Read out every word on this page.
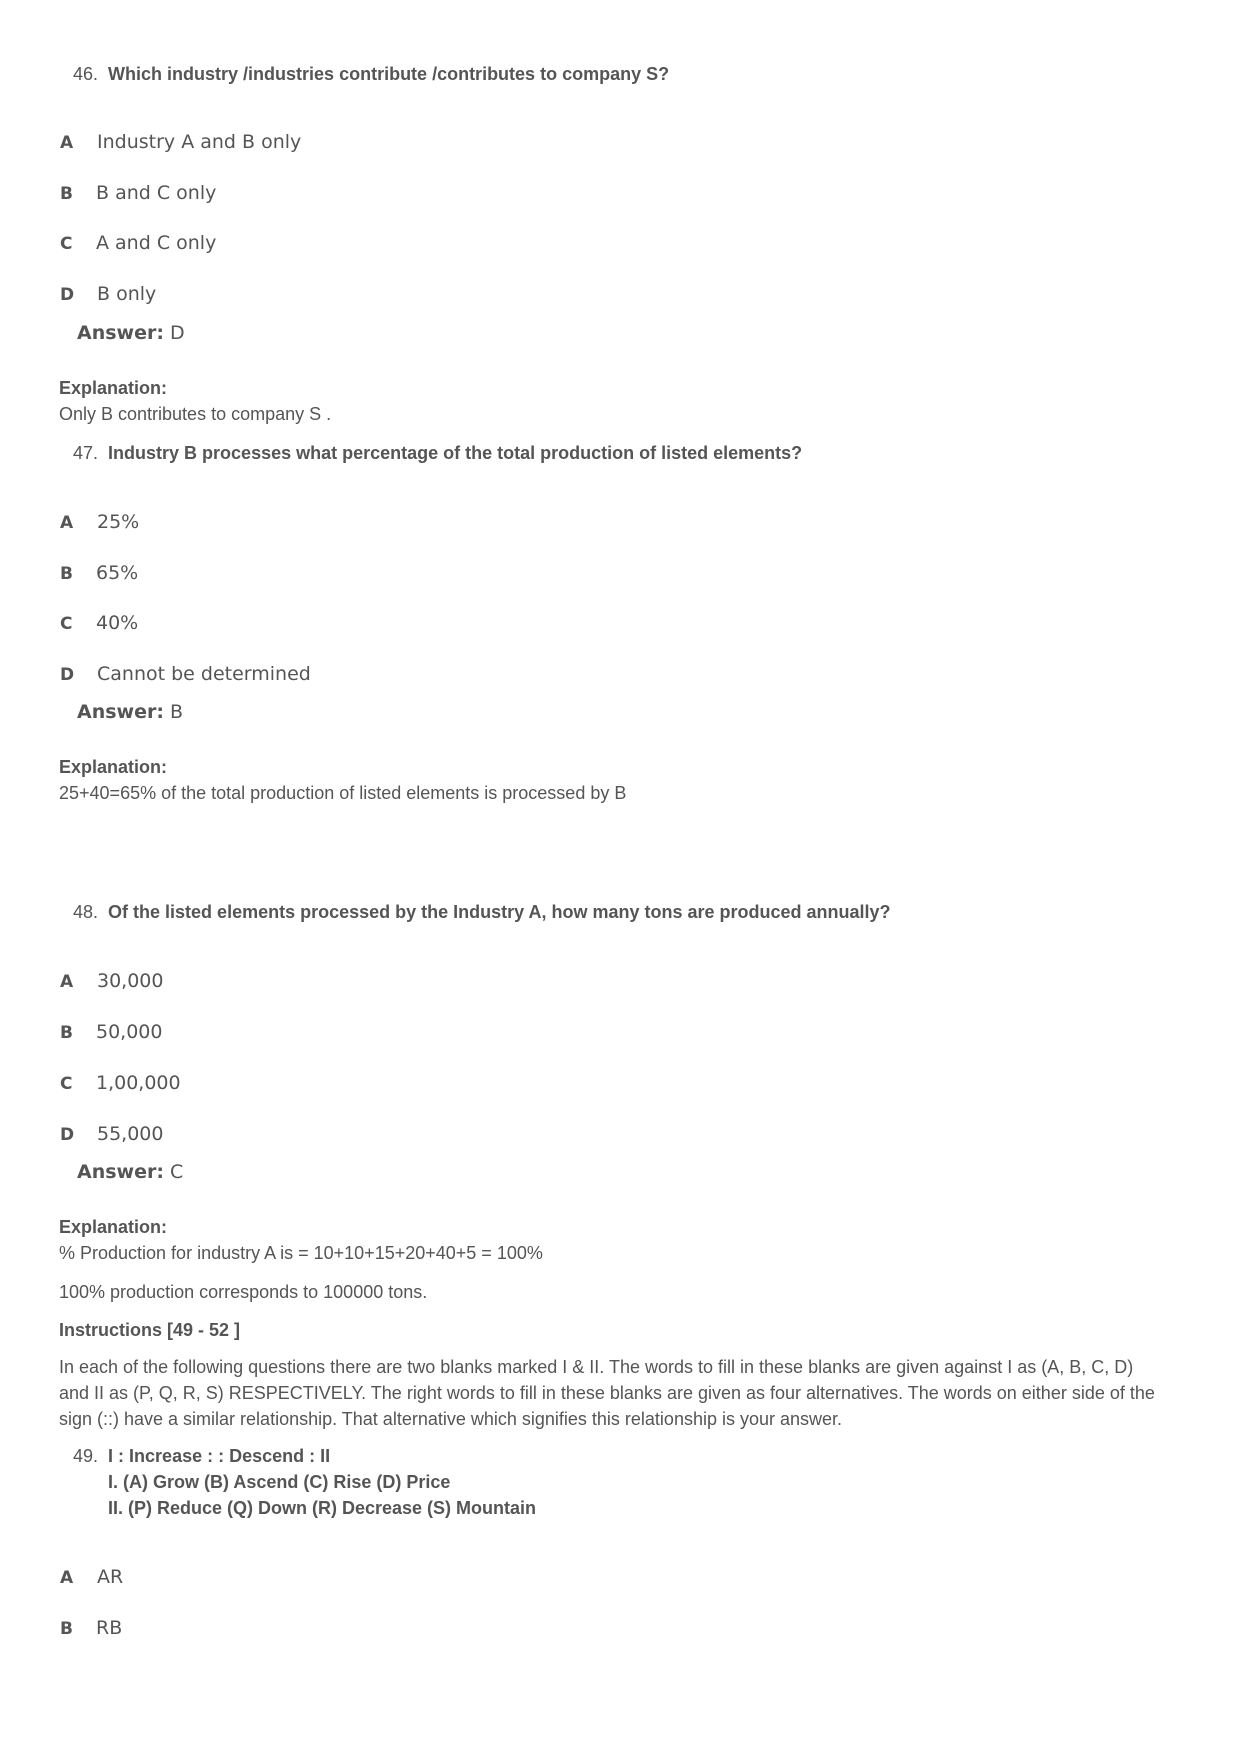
46. Which industry /industries contribute /contributes to company S?
A Industry A and B only
B B and C only
C A and C only
D B only
Answer: D
Explanation:
Only B contributes to company S .
47. Industry B processes what percentage of the total production of listed elements?
A 25%
B 65%
C 40%
D Cannot be determined
Answer: B
Explanation:
25+40=65% of the total production of listed elements is processed by B
48. Of the listed elements processed by the Industry A, how many tons are produced annually?
A 30,000
B 50,000
C 1,00,000
D 55,000
Answer: C
Explanation:
% Production for industry A is = 10+10+15+20+40+5 = 100%
100% production corresponds to 100000 tons.
Instructions [49 - 52 ]
In each of the following questions there are two blanks marked I & II. The words to fill in these blanks are given against I as (A, B, C, D)
and II as (P, Q, R, S) RESPECTIVELY. The right words to fill in these blanks are given as four alternatives. The words on either side of the
sign (::) have a similar relationship. That alternative which signifies this relationship is your answer.
49. I : Increase : : Descend : II
I. (A) Grow (B) Ascend (C) Rise (D) Price
II. (P) Reduce (Q) Down (R) Decrease (S) Mountain
A AR
B RB
